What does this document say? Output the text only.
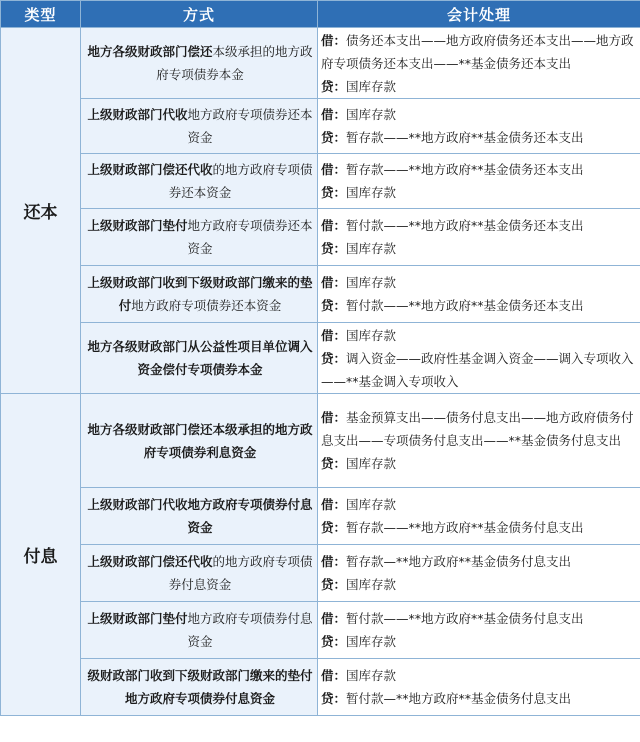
类型	方式	会计处理
还本	地方各级财政部门偿还本级承担的地方政府专项债券本金	借：债务还本支出——地方政府债务还本支出——地方政府专项债务还本支出——**基金债务还本支出
贷：国库存款

	上级财政部门代收地方政府专项债券还本资金	借：国库存款
贷：暂存款——**地方政府**基金债务还本支出

	上级财政部门偿还代收的地方政府专项债券还本资金	借：暂存款——**地方政府**基金债务还本支出
贷：国库存款

	上级财政部门垫付地方政府专项债券还本资金	借：暂付款——**地方政府**基金债务还本支出
贷：国库存款

	上级财政部门收到下级财政部门缴来的垫付地方政府专项债券还本资金	借：国库存款
贷：暂付款——**地方政府**基金债务还本支出

	地方各级财政部门从公益性项目单位调入资金偿付专项债券本金	借：国库存款
贷：调入资金——政府性基金调入资金——调入专项收入——**基金调入专项收入

付息	地方各级财政部门偿还本级承担的地方政府专项债券利息资金	借：基金预算支出——债务付息支出——地方政府债务付息支出——专项债务付息支出——**基金债务付息支出
贷：国库存款

	上级财政部门代收地方政府专项债券付息资金	借：国库存款
贷：暂存款——**地方政府**基金债务付息支出

	上级财政部门偿还代收的地方政府专项债券付息资金	借：暂存款—**地方政府**基金债务付息支出
贷：国库存款

	上级财政部门垫付地方政府专项债券付息资金	借：暂付款——**地方政府**基金债务付息支出
贷：国库存款

	级财政部门收到下级财政部门缴来的垫付地方政府专项债券付息资金	借：国库存款
贷：暂付款—**地方政府**基金债务付息支出
